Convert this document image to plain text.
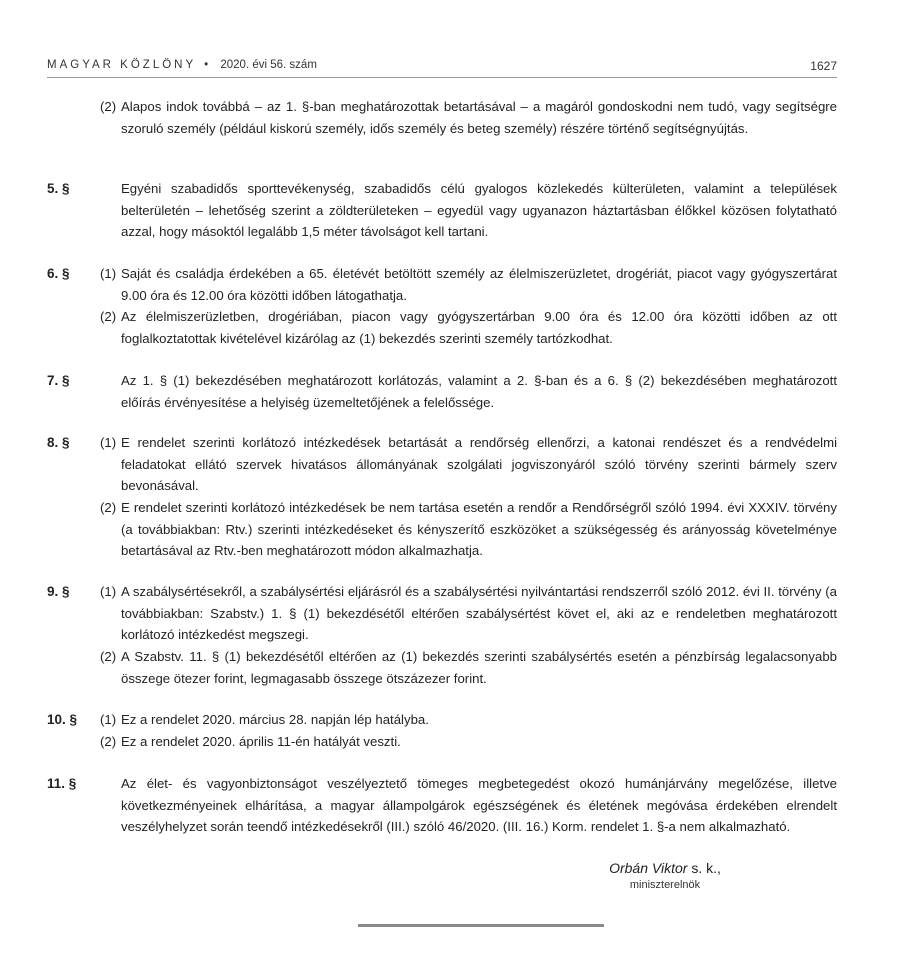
MAGYAR KÖZLÖNY • 2020. évi 56. szám	1627
(2) Alapos indok továbbá – az 1. §-ban meghatározottak betartásával – a magáról gondoskodni nem tudó, vagy segítségre szoruló személy (például kiskorú személy, idős személy és beteg személy) részére történő segítségnyújtás.
5. §	Egyéni szabadidős sporttevékenység, szabadidős célú gyalogos közlekedés külterületen, valamint a települések belterületén – lehetőség szerint a zöldterületeken – egyedül vagy ugyanazon háztartásban élőkkel közösen folytatható azzal, hogy másoktól legalább 1,5 méter távolságot kell tartani.
6. § (1) Saját és családja érdekében a 65. életévét betöltött személy az élelmiszerüzletet, drogériát, piacot vagy gyógyszertárat 9.00 óra és 12.00 óra közötti időben látogathatja.
(2) Az élelmiszerüzletben, drogériában, piacon vagy gyógyszertárban 9.00 óra és 12.00 óra közötti időben az ott foglalkoztatottak kivételével kizárólag az (1) bekezdés szerinti személy tartózkodhat.
7. §	Az 1. § (1) bekezdésében meghatározott korlátozás, valamint a 2. §-ban és a 6. § (2) bekezdésében meghatározott előírás érvényesítése a helyiség üzemeltetőjének a felelőssége.
8. § (1) E rendelet szerinti korlátozó intézkedések betartását a rendőrség ellenőrzi, a katonai rendészet és a rendvédelmi feladatokat ellátó szervek hivatásos állományának szolgálati jogviszonyáról szóló törvény szerinti bármely szerv bevonásával.
(2) E rendelet szerinti korlátozó intézkedések be nem tartása esetén a rendőr a Rendőrségről szóló 1994. évi XXXIV. törvény (a továbbiakban: Rtv.) szerinti intézkedéseket és kényszerítő eszközöket a szükségesség és arányosság követelménye betartásával az Rtv.-ben meghatározott módon alkalmazhatja.
9. § (1) A szabálysértésekről, a szabálysértési eljárásról és a szabálysértési nyilvántartási rendszerről szóló 2012. évi II. törvény (a továbbiakban: Szabstv.) 1. § (1) bekezdésétől eltérően szabálysértést követ el, aki az e rendeletben meghatározott korlátozó intézkedést megszegi.
(2) A Szabstv. 11. § (1) bekezdésétől eltérően az (1) bekezdés szerinti szabálysértés esetén a pénzbírság legalacsonyabb összege ötezer forint, legmagasabb összege ötszázezer forint.
10. § (1) Ez a rendelet 2020. március 28. napján lép hatályba.
(2) Ez a rendelet 2020. április 11-én hatályát veszti.
11. §	Az élet- és vagyonbiztonságot veszélyeztető tömeges megbetegedést okozó humánjárvány megelőzése, illetve következményeinek elhárítása, a magyar állampolgárok egészségének és életének megóvása érdekében elrendelt veszélyhelyzet során teendő intézkedésekről (III.) szóló 46/2020. (III. 16.) Korm. rendelet 1. §-a nem alkalmazható.
Orbán Viktor s. k.,
miniszterelnök
